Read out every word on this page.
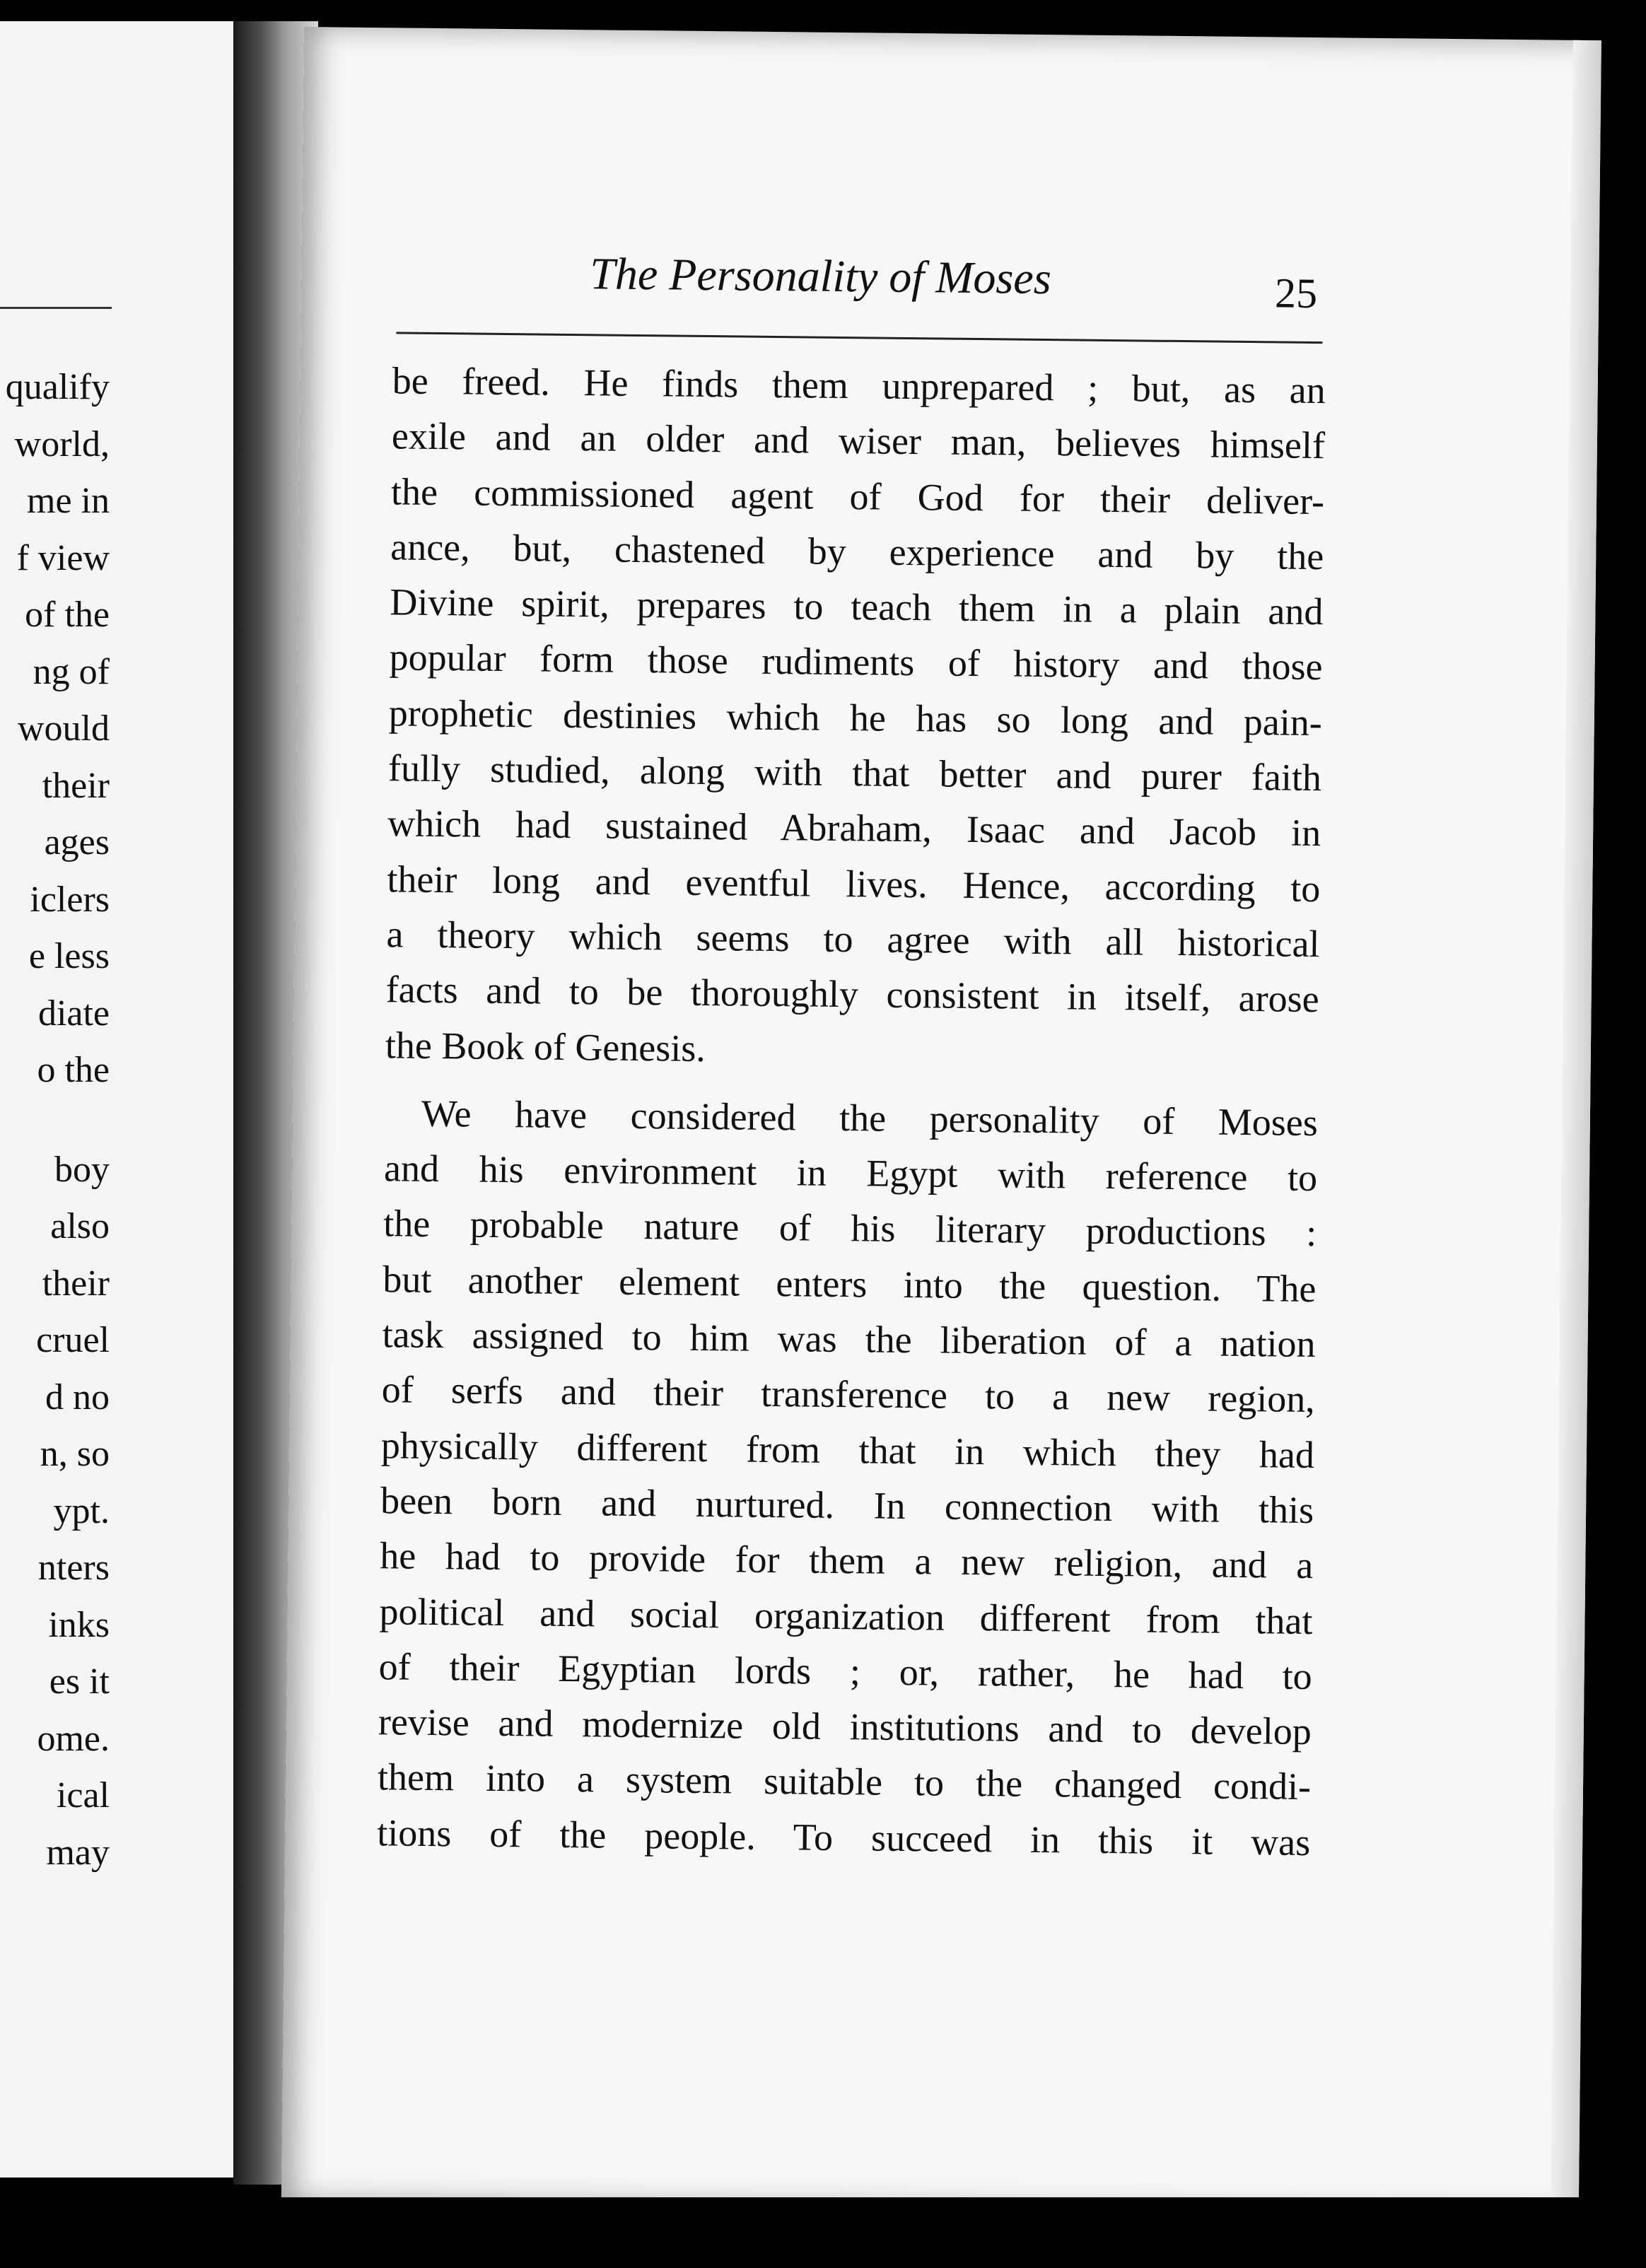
qualify
world,
me in
f view
of the
ng of
would
their
ages
iclers
e less
diate
o the
boy
also
their
cruel
d no
n, so
ypt.
nters
inks
es it
ome.
ical
may
The Personality of Moses	25
be freed. He finds them unprepared ; but, as an
exile and an older and wiser man, believes himself
the commissioned agent of God for their deliver-
ance, but, chastened by experience and by the
Divine spirit, prepares to teach them in a plain and
popular form those rudiments of history and those
prophetic destinies which he has so long and pain-
fully studied, along with that better and purer faith
which had sustained Abraham, Isaac and Jacob in
their long and eventful lives. Hence, according to
a theory which seems to agree with all historical
facts and to be thoroughly consistent in itself, arose
the Book of Genesis.
We have considered the personality of Moses
and his environment in Egypt with reference to
the probable nature of his literary productions :
but another element enters into the question. The
task assigned to him was the liberation of a nation
of serfs and their transference to a new region,
physically different from that in which they had
been born and nurtured. In connection with this
he had to provide for them a new religion, and a
political and social organization different from that
of their Egyptian lords ; or, rather, he had to
revise and modernize old institutions and to develop
them into a system suitable to the changed condi-
tions of the people. To succeed in this it was
